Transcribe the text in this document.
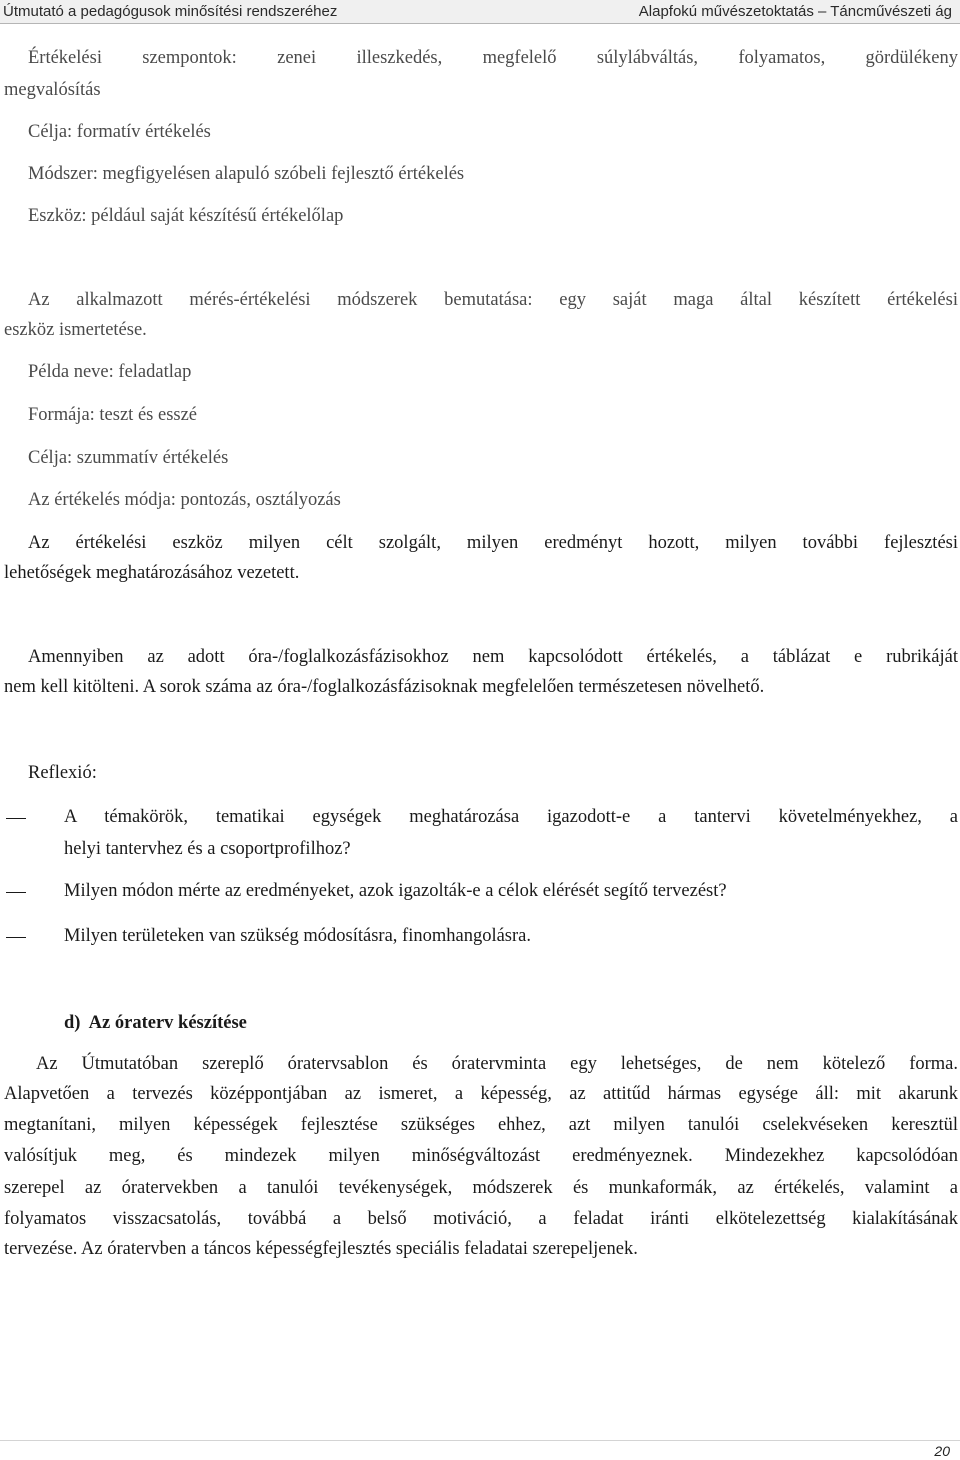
Útmutató a pedagógusok minősítési rendszeréhez	Alapfokú művészetoktatás – Táncművészeti ág

Értékelési szempontok: zenei illeszkedés, megfelelő súlylábváltás, folyamatos, gördülékeny

megvalósítás

Célja: formatív értékelés

Módszer: megfigyelésen alapuló szóbeli fejlesztő értékelés

Eszköz: például saját készítésű értékelőlap

Az alkalmazott mérés-értékelési módszerek bemutatása: egy saját maga által készített értékelési

eszköz ismertetése.

Példa neve: feladatlap

Formája: teszt és esszé

Célja: szummatív értékelés

Az értékelés módja: pontozás, osztályozás

Az értékelési eszköz milyen célt szolgált, milyen eredményt hozott, milyen további fejlesztési

lehetőségek meghatározásához vezetett.

Amennyiben az adott óra-/foglalkozásfázisokhoz nem kapcsolódott értékelés, a táblázat e rubrikáját

nem kell kitölteni. A sorok száma az óra-/foglalkozásfázisoknak megfelelően természetesen növelhető.

Reflexió:

A témakörök, tematikai egységek meghatározása igazodott-e a tantervi követelményekhez, a

helyi tantervhez és a csoportprofilhoz?

Milyen módon mérte az eredményeket, azok igazolták-e a célok elérését segítő tervezést?

Milyen területeken van szükség módosításra, finomhangolásra.

d)  Az óraterv készítése

Az Útmutatóban szereplő óratervsablon és óratervminta egy lehetséges, de nem kötelező forma.

Alapvetően a tervezés középpontjában az ismeret, a képesség, az attitűd hármas egysége áll: mit akarunk

megtanítani, milyen képességek fejlesztése szükséges ehhez, azt milyen tanulói cselekvéseken keresztül

valósítjuk meg, és mindezek milyen minőségváltozást eredményeznek. Mindezekhez kapcsolódóan

szerepel az óratervekben a tanulói tevékenységek, módszerek és munkaformák, az értékelés, valamint a

folyamatos visszacsatolás, továbbá a belső motiváció, a feladat iránti elkötelezettség kialakításának

tervezése. Az óratervben a táncos képességfejlesztés speciális feladatai szerepeljenek.

20
